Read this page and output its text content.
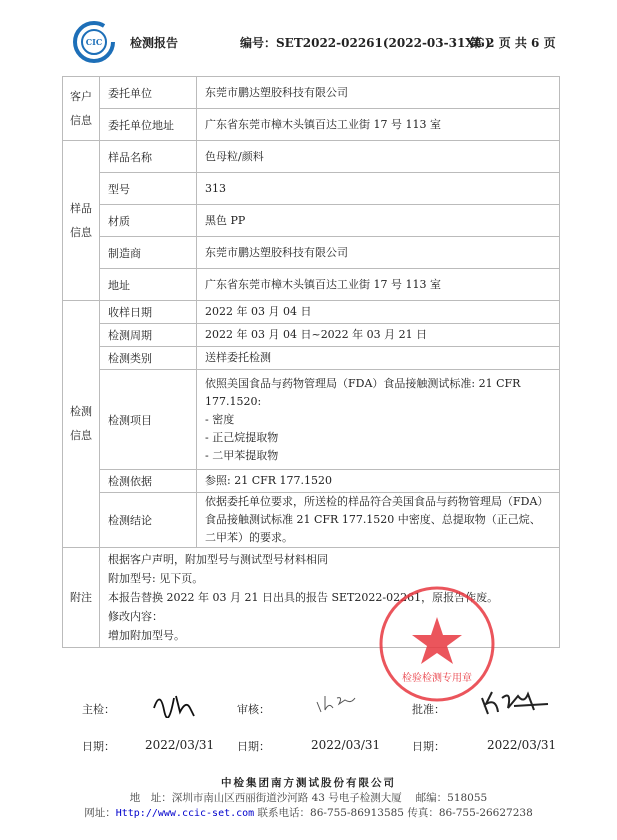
CIC 检测报告	编号：SET2022-02261(2022-03-31XG)
第 2 页 共 6 页
客户
信息	委托单位	东莞市鹏达塑胶科技有限公司
	委托单位地址	广东省东莞市樟木头镇百达工业街 17 号 113 室
样品
信息	样品名称	色母粒/颜料
	型号	313
	材质	黑色 PP
	制造商	东莞市鹏达塑胶科技有限公司
	地址	广东省东莞市樟木头镇百达工业街 17 号 113 室
检测
信息	收样日期	2022 年 03 月 04 日
	检测周期	2022 年 03 月 04 日~2022 年 03 月 21 日
	检测类别	送样委托检测
	检测项目	依照美国食品与药物管理局（FDA）食品接触测试标准: 21 CFR 177.1520:
- 密度
- 正己烷提取物
- 二甲苯提取物

	检测依据	参照: 21 CFR 177.1520
	检测结论	依据委托单位要求，所送检的样品符合美国食品与药物管理局（FDA）食品接触测试标准 21 CFR 177.1520 中密度、总提取物（正己烷、二甲苯）的要求。
附注	根据客户声明，附加型号与测试型号材料相同
附加型号: 见下页。
本报告替换 2022 年 03 月 21 日出具的报告 SET2022-02261，原报告作废。
修改内容：
增加附加型号。	
检验检测专用章
主检：	审核：	批准：
日期：	2022/03/31 日期：	2022/03/31	日期：	2022/03/31
中检集团南方测试股份有限公司
地　址：深圳市南山区西丽街道沙河路 43 号电子检测大厦　 邮编：518055
网址：Http://www.ccic-set.com 联系电话：86-755-86913585 传真：86-755-26627238
